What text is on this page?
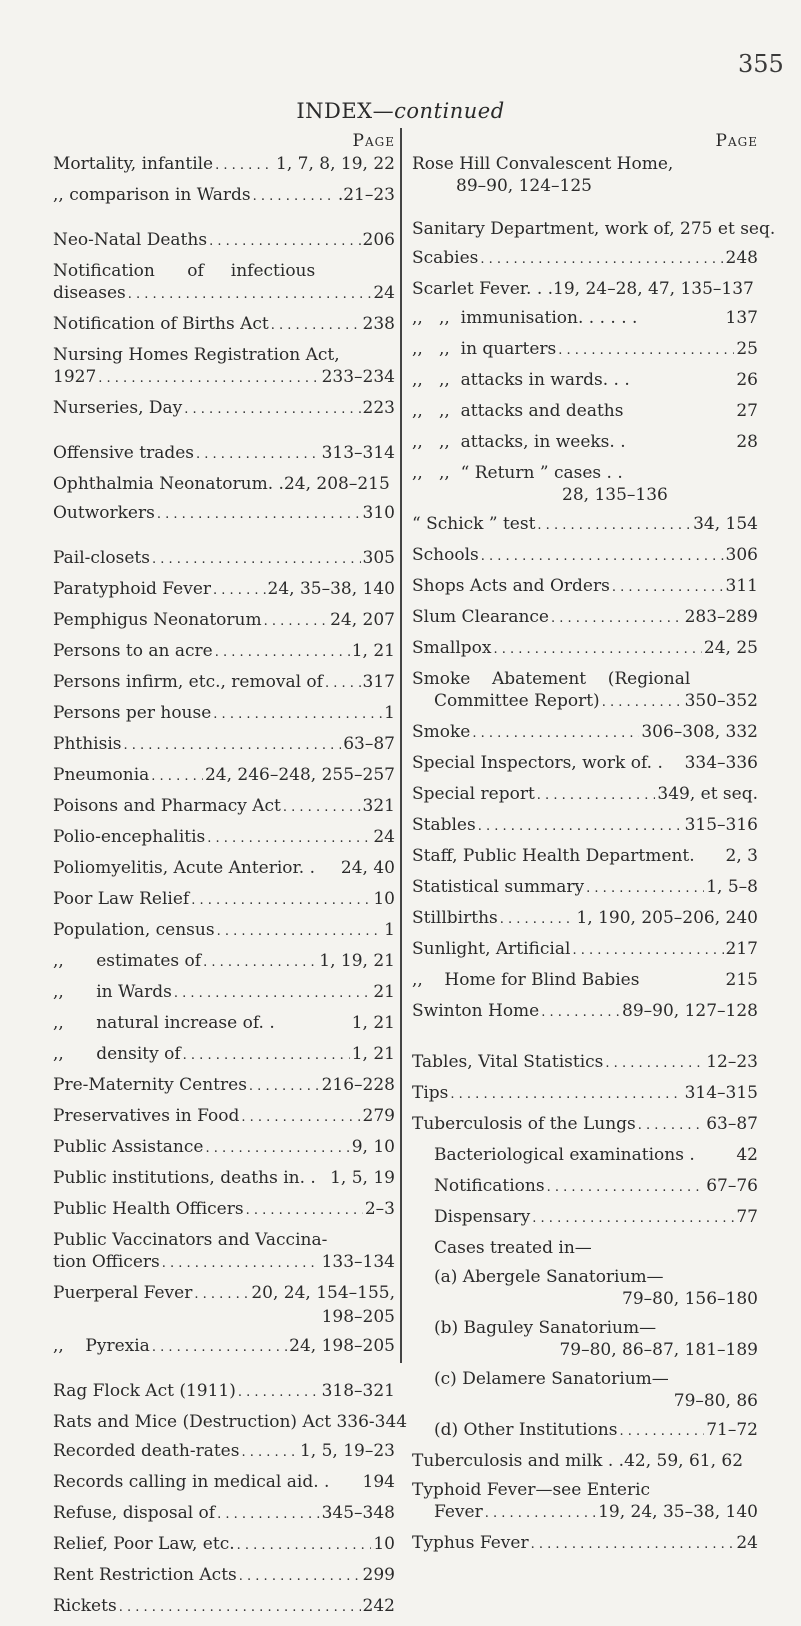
355
INDEX—continued
Page
Mortality, infantile . . .	1, 7, 8, 19, 22
,, comparison in Wards . . .	.21–23
Neo-Natal Deaths . . .	206
Notification      of     infectious
diseases . . .	24
Notification of Births Act . . .	238
Nursing Homes Registration Act,
1927 . . .	233–234
Nurseries, Day . . .	223
Offensive trades . . .	313–314
Ophthalmia Neonatorum. .24, 208–215
Outworkers . . .	310
Pail-closets . . .	305
Paratyphoid Fever . . .	24, 35–38, 140
Pemphigus Neonatorum . . .	24, 207
Persons to an acre . . .	1, 21
Persons infirm, etc., removal of . . . 317
Persons per house . . .	1
Phthisis . . .	63–87
Pneumonia . . .	24, 246–248, 255–257
Poisons and Pharmacy Act . . .	321
Polio-encephalitis . . .	24
Poliomyelitis, Acute Anterior. . 24, 40
Poor Law Relief . . .	10
Population, census . . .	1
,,      estimates of . . .	1, 19, 21
,,      in Wards . . .	21
,,      natural increase of. .	1, 21
,,      density of . . .	1, 21
Pre-Maternity Centres . . .	216–228
Preservatives in Food . . .	279
Public Assistance . . .	9, 10
Public institutions, deaths in. . 1, 5, 19
Public Health Officers . . .	2–3
Public Vaccinators and Vaccina-
tion Officers . . .	133–134
Puerperal Fever . . .	20, 24, 154–155,
198–205
,,    Pyrexia . . .	24, 198–205
Rag Flock Act (1911) . . .	318–321
Rats and Mice (Destruction) Act 336-344
Recorded death-rates . . .	1, 5, 19–23
Records calling in medical aid. . 194
Refuse, disposal of . . .	345–348
Relief, Poor Law, etc. . . .	10
Rent Restriction Acts . . .	299
Rickets . . .	242
Page
Rose Hill Convalescent Home,
89–90, 124–125
Sanitary Department, work of, 275 et seq.
Scabies . . .	248
Scarlet Fever. . .19, 24–28, 47, 135–137
,,   ,,  immunisation. . . . . .	137
,,   ,,  in quarters . . .	25
,,   ,,  attacks in wards. . .	26
,,   ,,  attacks and deaths	27
,,   ,,  attacks, in weeks. .	28
,,   ,,  “ Return ” cases . .
28, 135–136
“ Schick ” test . . .	34, 154
Schools . . .	306
Shops Acts and Orders . . .	311
Slum Clearance . . .	283–289
Smallpox . . .	24, 25
Smoke    Abatement    (Regional
Committee Report) . . .	350–352
Smoke . . .	306–308, 332
Special Inspectors, work of. . 334–336
Special report . . .	349, et seq.
Stables . . .	315–316
Staff, Public Health Department. 2, 3
Statistical summary . . .	1, 5–8
Stillbirths . . .	1, 190, 205–206, 240
Sunlight, Artificial . . .	217
,,    Home for Blind Babies	215
Swinton Home . . .	89–90, 127–128
Tables, Vital Statistics . . .	12–23
Tips . . .	314–315
Tuberculosis of the Lungs . . .	63–87
Bacteriological examinations . 42
Notifications . . .	67–76
Dispensary . . .	77
Cases treated in—
(a) Abergele Sanatorium—
79–80, 156–180
(b) Baguley Sanatorium—
79–80, 86–87, 181–189
(c) Delamere Sanatorium—
79–80, 86
(d) Other Institutions . . .	71–72
Tuberculosis and milk . .42, 59, 61, 62
Typhoid Fever—see Enteric
Fever . . .	19, 24, 35–38, 140
Typhus Fever . . .	24
